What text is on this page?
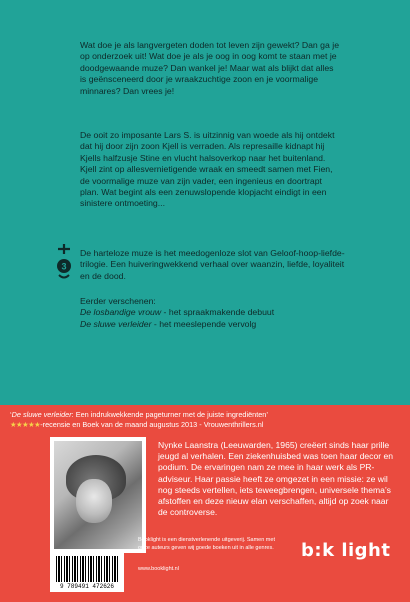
Wat doe je als langvergeten doden tot leven zijn gewekt? Dan ga je op onderzoek uit! Wat doe je als je oog in oog komt te staan met je doodgewaande muze? Dan wankel je! Maar wat als blijkt dat alles is geënsceneerd door je wraakzuchtige zoon en je voormalige minnares? Dan vrees je!
De ooit zo imposante Lars S. is uitzinnig van woede als hij ontdekt dat hij door zijn zoon Kjell is verraden. Als represaille kidnapt hij Kjells halfzusje Stine en vlucht halsoverkop naar het buitenland. Kjell zint op allesvernietigende wraak en smeedt samen met Fien, de voormalige muze van zijn vader, een ingenieus en doortrapt plan. Wat begint als een zenuwslopende klopjacht eindigt in een sinistere ontmoeting...
3
De harteloze muze is het meedogenloze slot van Geloof-hoop-liefde-trilogie. Een huiveringwekkend verhaal over waanzin, liefde, loyaliteit en de dood.
Eerder verschenen:
De losbandige vrouw - het spraakmakende debuut
De sluwe verleider - het meeslepende vervolg
‘De sluwe verleider: Een indrukwekkende pageturner met de juiste ingrediënten’
★★★★★-recensie en Boek van de maand augustus 2013 - Vrouwenthrillers.nl
Nynke Laanstra (Leeuwarden, 1965) creëert sinds haar prille jeugd al verhalen. Een ziekenhuisbed was toen haar decor en podium. De ervaringen nam ze mee in haar werk als PR-adviseur. Haar passie heeft ze omgezet in een missie: ze wil nog steeds vertellen, iets teweegbrengen, universele thema’s afstoffen en deze nieuw elan verschaffen, altijd op zoek naar de controverse.
9 789491 472626
Booklight is een dienstverlenende uitgeverij. Samen met onze auteurs geven wij goede boeken uit in alle genres.
www.booklight.nl
b:k light
